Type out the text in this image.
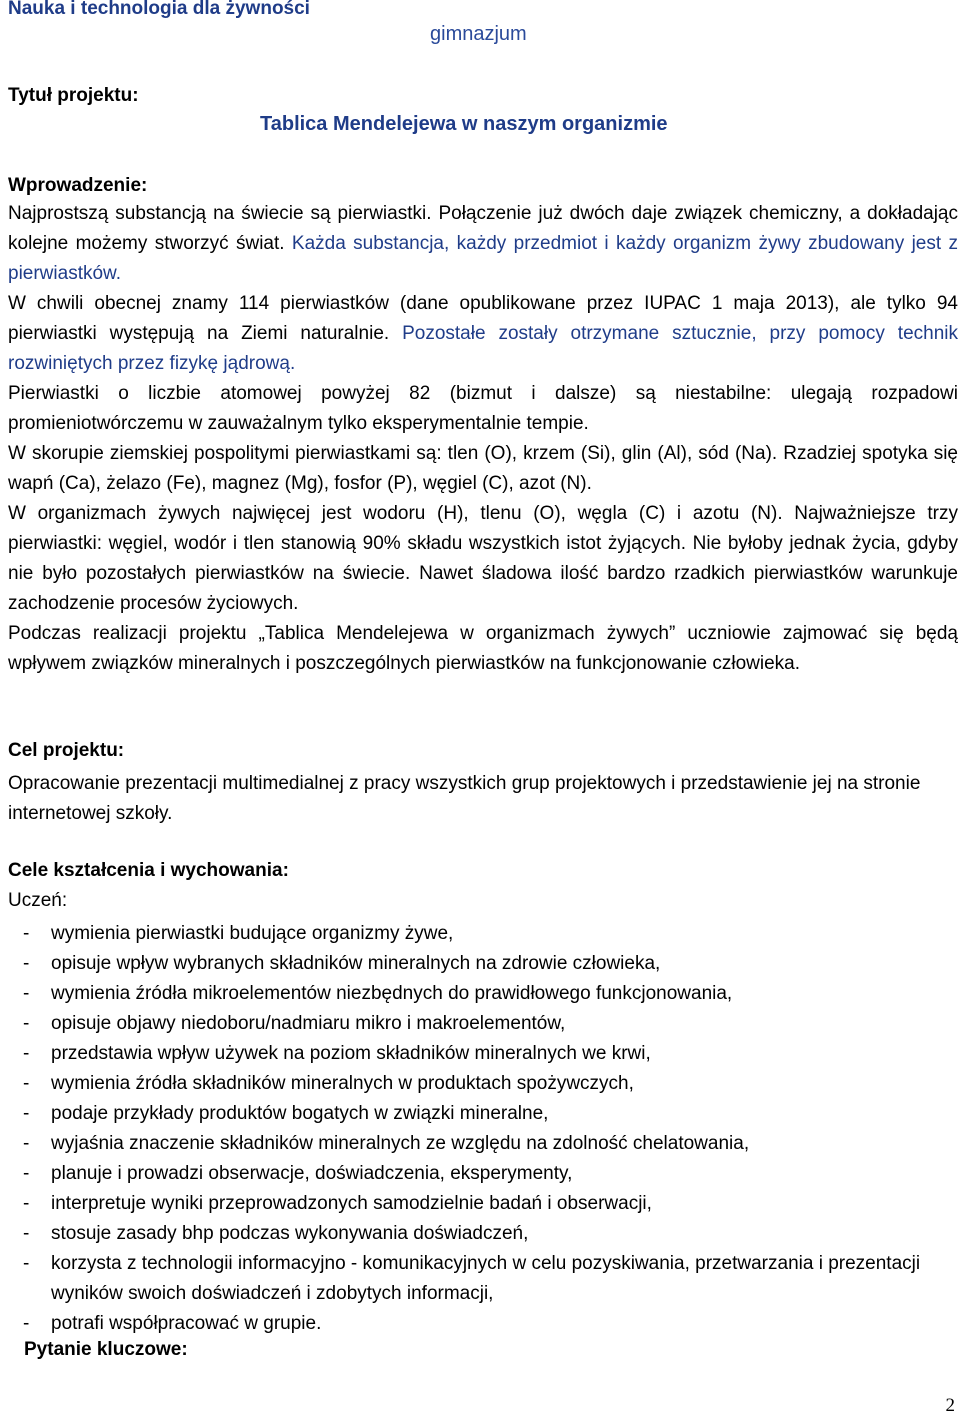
Nauka i technologia dla żywności
gimnazjum
Tytuł projektu:
Tablica Mendelejewa w naszym organizmie
Wprowadzenie:

Najprostszą substancją na świecie są pierwiastki. Połączenie już dwóch daje związek chemiczny, a dokładając kolejne możemy stworzyć świat. Każda substancja, każdy przedmiot i każdy organizm żywy zbudowany jest z pierwiastków.

W chwili obecnej znamy 114 pierwiastków (dane opublikowane przez IUPAC 1 maja 2013), ale tylko 94 pierwiastki występują na Ziemi naturalnie. Pozostałe zostały otrzymane sztucznie, przy pomocy technik rozwiniętych przez fizykę jądrową.

Pierwiastki o liczbie atomowej powyżej 82 (bizmut i dalsze) są niestabilne: ulegają rozpadowi promieniotwórczemu w zauważalnym tylko eksperymentalnie tempie.

W skorupie ziemskiej pospolitymi pierwiastkami są: tlen (O), krzem (Si), glin (Al), sód (Na). Rzadziej spotyka się wapń (Ca), żelazo (Fe), magnez (Mg), fosfor (P), węgiel (C), azot (N).

W organizmach żywych najwięcej jest wodoru (H), tlenu (O), węgla (C) i azotu (N). Najważniejsze trzy pierwiastki: węgiel, wodór i tlen stanowią 90% składu wszystkich istot żyjących. Nie byłoby jednak życia, gdyby nie było pozostałych pierwiastków na świecie. Nawet śladowa ilość bardzo rzadkich pierwiastków warunkuje zachodzenie procesów życiowych.

Podczas realizacji projektu „Tablica Mendelejewa w organizmach żywych” uczniowie zajmować się będą wpływem związków mineralnych i poszczególnych pierwiastków na funkcjonowanie człowieka.

Cel projektu:
Opracowanie prezentacji multimedialnej z pracy wszystkich grup projektowych i przedstawienie jej na stronie internetowej szkoły.
Cele kształcenia i wychowania:
Uczeń:
- wymienia pierwiastki budujące organizmy żywe,
- opisuje wpływ wybranych składników mineralnych na zdrowie człowieka,
- wymienia źródła mikroelementów niezbędnych do prawidłowego funkcjonowania,
- opisuje objawy niedoboru/nadmiaru mikro i makroelementów,
- przedstawia wpływ używek na poziom składników mineralnych we krwi,
- wymienia źródła składników mineralnych w produktach spożywczych,
- podaje przykłady produktów bogatych w związki mineralne,
- wyjaśnia znaczenie składników mineralnych ze względu na zdolność chelatowania,
- planuje i prowadzi obserwacje, doświadczenia, eksperymenty,
- interpretuje wyniki przeprowadzonych samodzielnie badań i obserwacji,
- stosuje zasady bhp podczas wykonywania doświadczeń,
- korzysta z technologii informacyjno - komunikacyjnych w celu pozyskiwania, przetwarzania i prezentacji wyników swoich doświadczeń i zdobytych informacji,
- potrafi współpracować w grupie.
Pytanie kluczowe:
2
